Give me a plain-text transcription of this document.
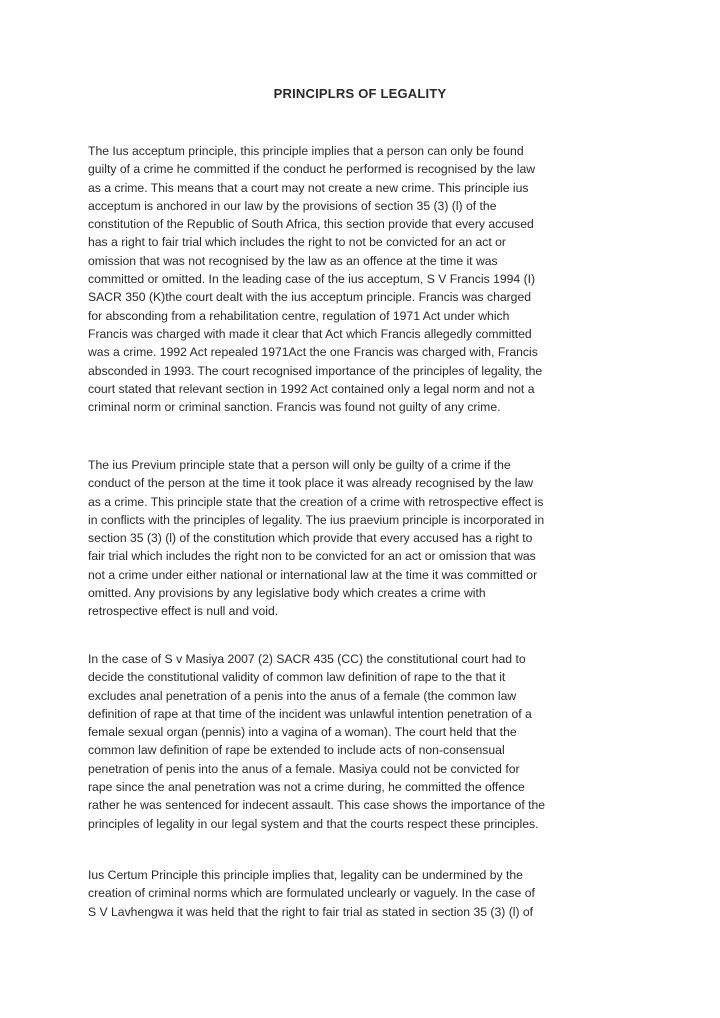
PRINCIPLRS OF LEGALITY

The Ius acceptum principle, this principle implies that a person can only be found
guilty of a crime he committed if the conduct he performed is recognised by the law
as a crime. This means that a court may not create a new crime. This principle ius
acceptum is anchored in our law by the provisions of section 35 (3) (l) of the
constitution of the Republic of South Africa, this section provide that every accused
has a right to fair trial which includes the right to not be convicted for an act or
omission that was not recognised by the law as an offence at the time it was
committed or omitted. In the leading case of the ius acceptum, S V Francis 1994 (I)
SACR 350 (K)the court dealt with the ius acceptum principle. Francis was charged
for absconding from a rehabilitation centre, regulation of 1971 Act under which
Francis was charged with made it clear that Act which Francis allegedly committed
was a crime. 1992 Act repealed 1971Act the one Francis was charged with, Francis
absconded in 1993. The court recognised importance of the principles of legality, the
court stated that relevant section in 1992 Act contained only a legal norm and not a
criminal norm or criminal sanction. Francis was found not guilty of any crime.

The ius Previum principle state that a person will only be guilty of a crime if the
conduct of the person at the time it took place it was already recognised by the law
as a crime. This principle state that the creation of a crime with retrospective effect is
in conflicts with the principles of legality. The ius praevium principle is incorporated in
section 35 (3) (l) of the constitution which provide that every accused has a right to
fair trial which includes the right non to be convicted for an act or omission that was
not a crime under either national or international law at the time it was committed or
omitted. Any provisions by any legislative body which creates a crime with
retrospective effect is null and void.

In the case of S v Masiya 2007 (2) SACR 435 (CC) the constitutional court had to
decide the constitutional validity of common law definition of rape to the that it
excludes anal penetration of a penis into the anus of a female (the common law
definition of rape at that time of the incident was unlawful intention penetration of a
female sexual organ (pennis) into a vagina of a woman). The court held that the
common law definition of rape be extended to include acts of non-consensual
penetration of penis into the anus of a female. Masiya could not be convicted for
rape since the anal penetration was not a crime during, he committed the offence
rather he was sentenced for indecent assault. This case shows the importance of the
principles of legality in our legal system and that the courts respect these principles.

Ius Certum Principle this principle implies that, legality can be undermined by the
creation of criminal norms which are formulated unclearly or vaguely. In the case of
S V Lavhengwa it was held that the right to fair trial as stated in section 35 (3) (l) of
